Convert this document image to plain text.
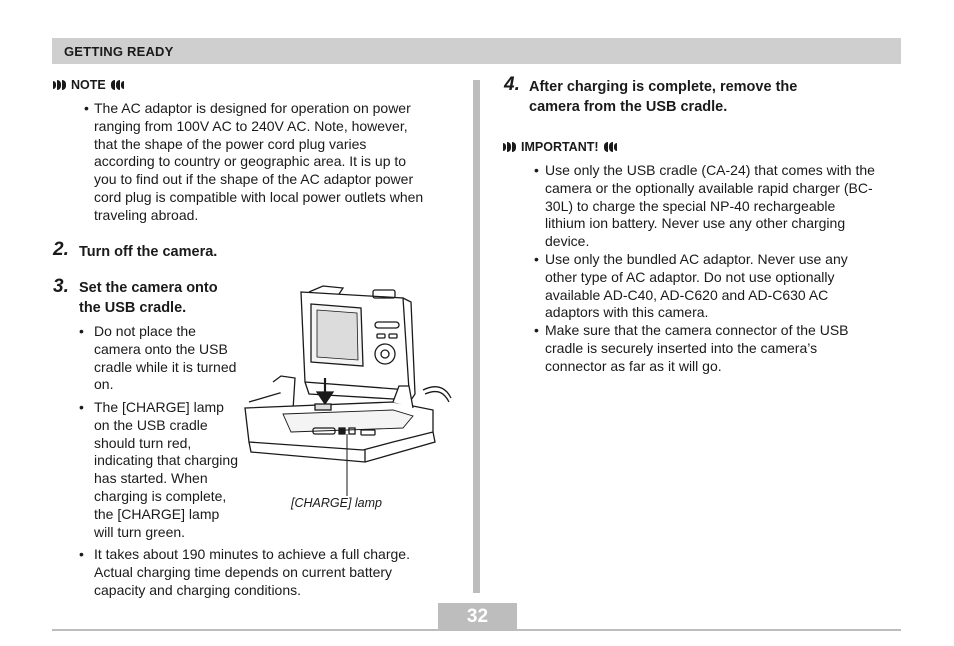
GETTING READY
NOTE
• The AC adaptor is designed for operation on power
ranging from 100V AC to 240V AC. Note, however,
that the shape of the power cord plug varies
according to country or geographic area. It is up to
you to find out if the shape of the AC adaptor power
cord plug is compatible with local power outlets when
traveling abroad.
2. Turn off the camera.
3. Set the camera onto
the USB cradle.
• Do not place the
camera onto the USB
cradle while it is turned
on.
• The [CHARGE] lamp
on the USB cradle
should turn red,
indicating that charging
has started. When
charging is complete,
the [CHARGE] lamp
will turn green.
• It takes about 190 minutes to achieve a full charge.
Actual charging time depends on current battery
capacity and charging conditions.
[CHARGE] lamp
4. After charging is complete, remove the
camera from the USB cradle.
IMPORTANT!
• Use only the USB cradle (CA-24) that comes with the
camera or the optionally available rapid charger (BC-
30L) to charge the special NP-40 rechargeable
lithium ion battery. Never use any other charging
device.
• Use only the bundled AC adaptor. Never use any
other type of AC adaptor. Do not use optionally
available AD-C40, AD-C620 and AD-C630 AC
adaptors with this camera.
• Make sure that the camera connector of the USB
cradle is securely inserted into the camera’s
connector as far as it will go.
32
